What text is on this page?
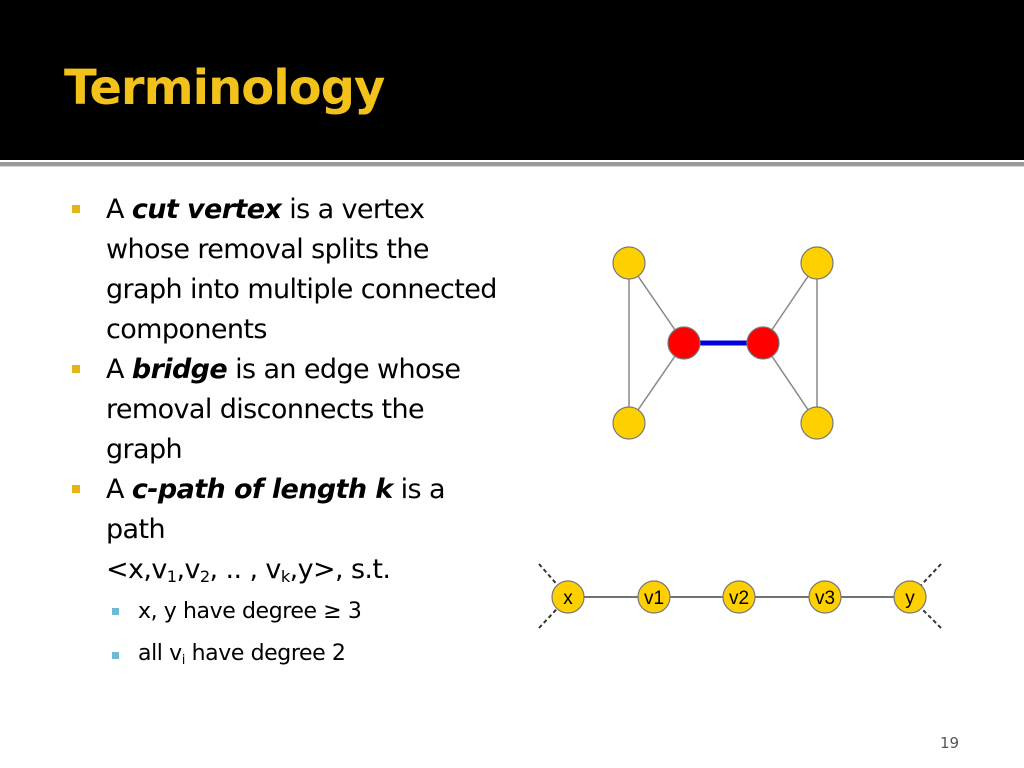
Terminology
A cut vertex is a vertex whose removal splits the graph into multiple connected components
A bridge is an edge whose removal disconnects the graph
A c-path of length k is a path
$<x,v_1,v_2$, .. , $v_k,y>$, s.t.
x, y have degree ≥ 3
all $v_i$ have degree 2
x	v1	v2	v3	y
19
